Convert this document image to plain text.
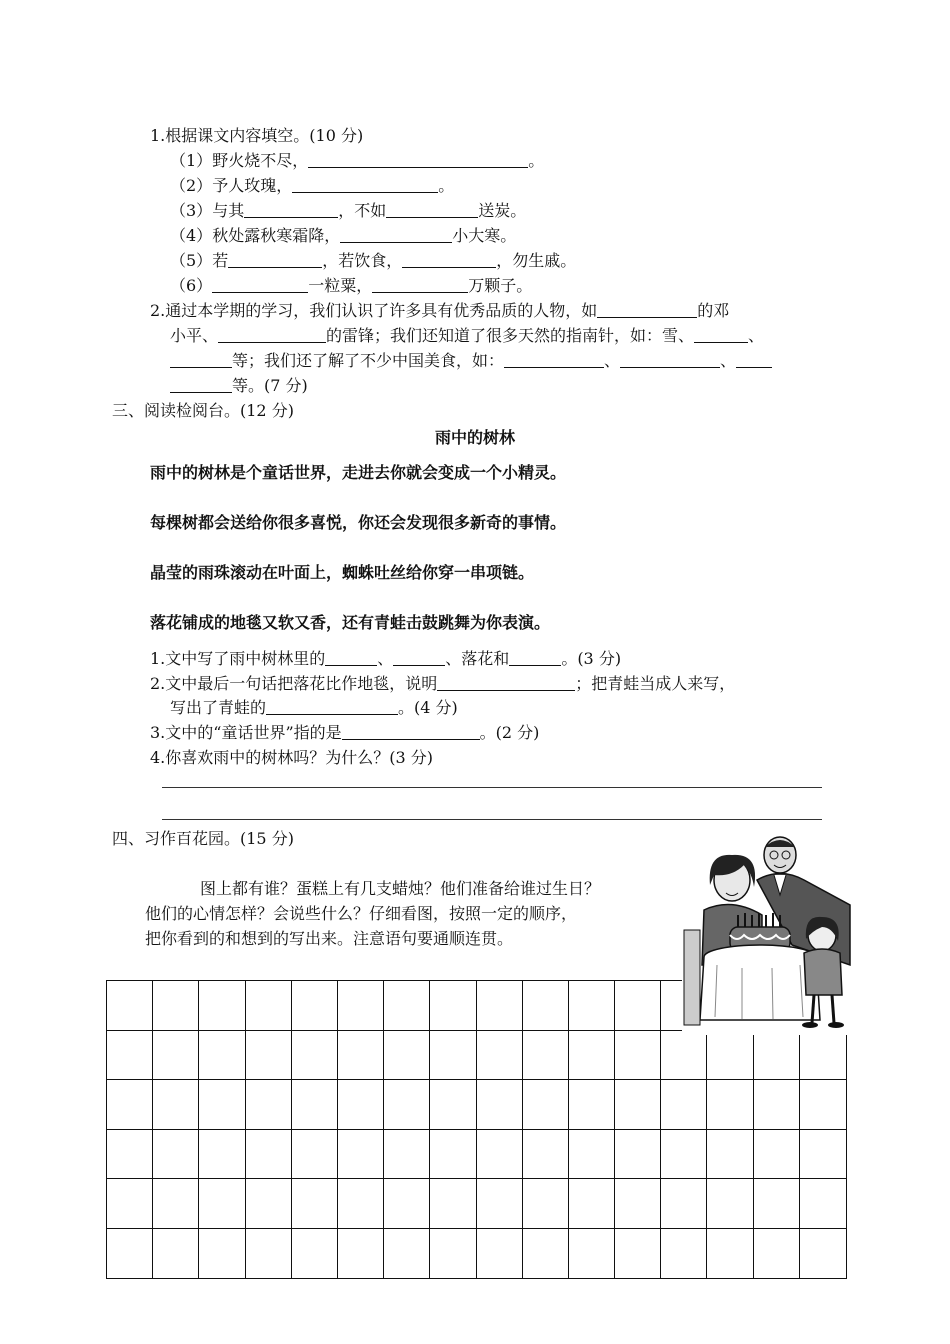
1.根据课文内容填空。(10 分)
（1）野火烧不尽，	。
（2）予人玫瑰，	。
（3）与其	，不如	送炭。
（4）秋处露秋寒霜降，	小大寒。
（5）若	，若饮食，	，勿生戚。
（6）	一粒粟，	万颗子。
2.通过本学期的学习，我们认识了许多具有优秀品质的人物，如	的邓
小平、	的雷锋；我们还知道了很多天然的指南针，如：雪、	、
等；我们还了解了不少中国美食，如：	、	、
等。(7 分)
三、阅读检阅台。(12 分)
雨中的树林
雨中的树林是个童话世界，走进去你就会变成一个小精灵。
每棵树都会送给你很多喜悦，你还会发现很多新奇的事情。
晶莹的雨珠滚动在叶面上，蜘蛛吐丝给你穿一串项链。
落花铺成的地毯又软又香，还有青蛙击鼓跳舞为你表演。
1.文中写了雨中树林里的	、	、落花和	。(3 分)
2.文中最后一句话把落花比作地毯，说明	；把青蛙当成人来写，
写出了青蛙的	。(4 分)
3.文中的“童话世界”指的是	。(2 分)
4.你喜欢雨中的树林吗？为什么？(3 分)
四、习作百花园。(15 分)
图上都有谁？蛋糕上有几支蜡烛？他们准备给谁过生日？
他们的心情怎样？会说些什么？仔细看图，按照一定的顺序，
把你看到的和想到的写出来。注意语句要通顺连贯。
